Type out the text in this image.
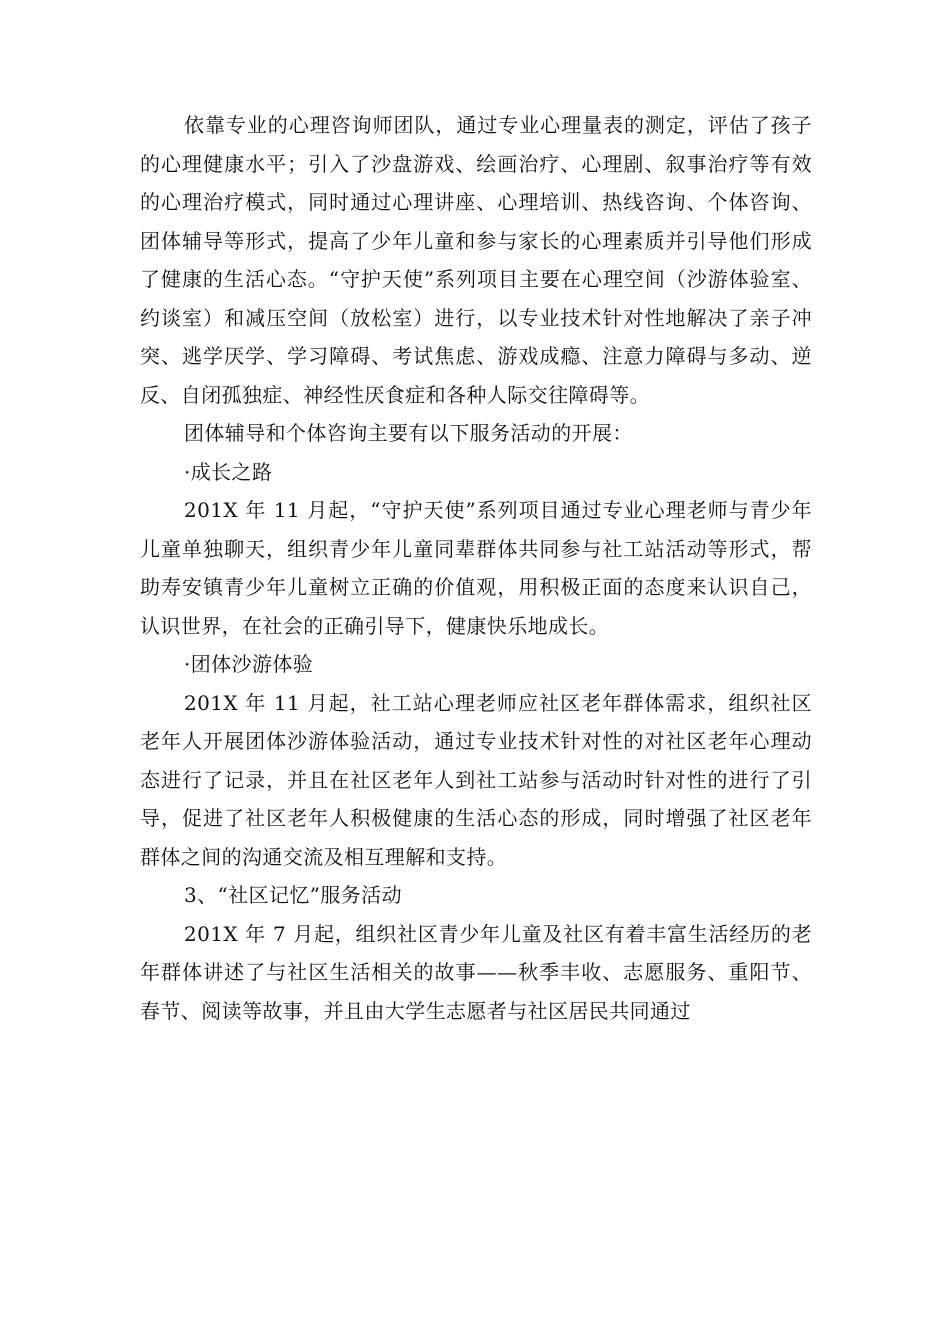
依靠专业的心理咨询师团队，通过专业心理量表的测定，评估了孩子的心理健康水平；引入了沙盘游戏、绘画治疗、心理剧、叙事治疗等有效的心理治疗模式，同时通过心理讲座、心理培训、热线咨询、个体咨询、团体辅导等形式，提高了少年儿童和参与家长的心理素质并引导他们形成了健康的生活心态。“守护天使”系列项目主要在心理空间（沙游体验室、约谈室）和减压空间（放松室）进行，以专业技术针对性地解决了亲子冲突、逃学厌学、学习障碍、考试焦虑、游戏成瘾、注意力障碍与多动、逆反、自闭孤独症、神经性厌食症和各种人际交往障碍等。

团体辅导和个体咨询主要有以下服务活动的开展：

·成长之路

201X 年 11 月起，“守护天使”系列项目通过专业心理老师与青少年儿童单独聊天，组织青少年儿童同辈群体共同参与社工站活动等形式，帮助寿安镇青少年儿童树立正确的价值观，用积极正面的态度来认识自己，认识世界，在社会的正确引导下，健康快乐地成长。

·团体沙游体验

201X 年 11 月起，社工站心理老师应社区老年群体需求，组织社区老年人开展团体沙游体验活动，通过专业技术针对性的对社区老年心理动态进行了记录，并且在社区老年人到社工站参与活动时针对性的进行了引导，促进了社区老年人积极健康的生活心态的形成，同时增强了社区老年群体之间的沟通交流及相互理解和支持。

3、“社区记忆”服务活动

201X 年 7 月起，组织社区青少年儿童及社区有着丰富生活经历的老年群体讲述了与社区生活相关的故事——秋季丰收、志愿服务、重阳节、春节、阅读等故事，并且由大学生志愿者与社区居民共同通过
